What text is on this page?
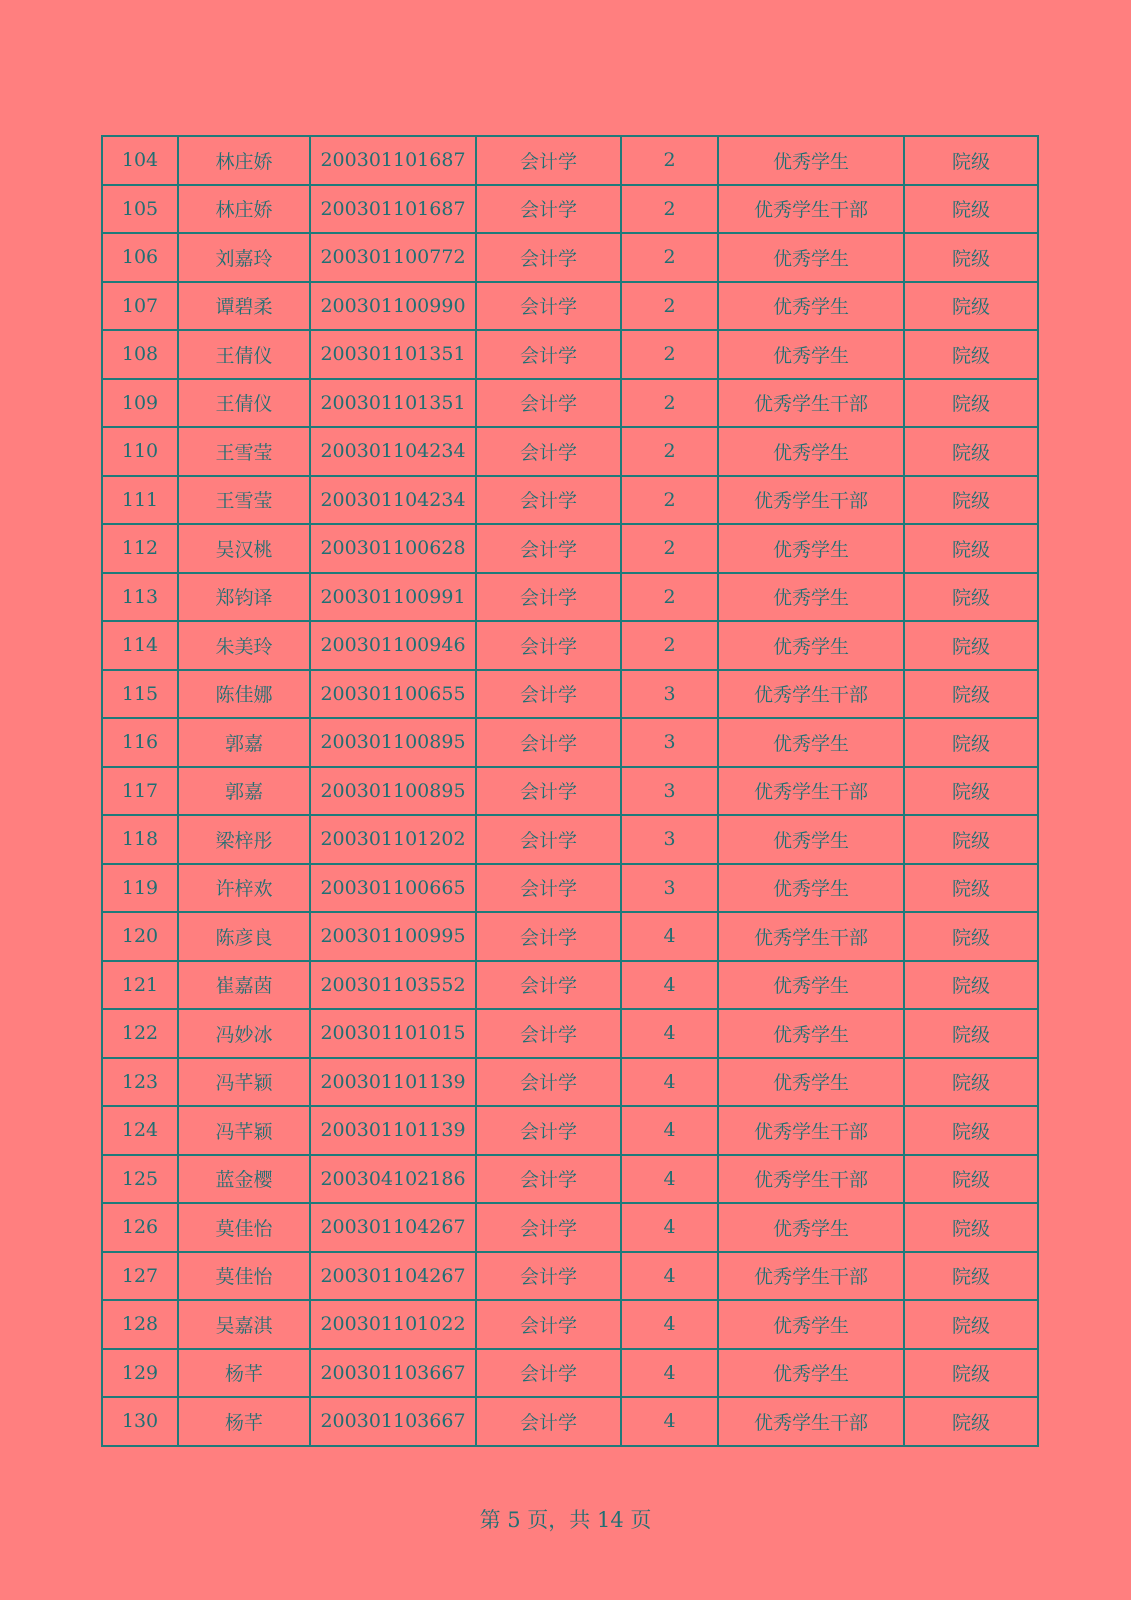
104	林庄娇	200301101687	会计学	2	优秀学生	院级
105	林庄娇	200301101687	会计学	2	优秀学生干部	院级
106	刘嘉玲	200301100772	会计学	2	优秀学生	院级
107	谭碧柔	200301100990	会计学	2	优秀学生	院级
108	王倩仪	200301101351	会计学	2	优秀学生	院级
109	王倩仪	200301101351	会计学	2	优秀学生干部	院级
110	王雪莹	200301104234	会计学	2	优秀学生	院级
111	王雪莹	200301104234	会计学	2	优秀学生干部	院级
112	吴汉桃	200301100628	会计学	2	优秀学生	院级
113	郑钧译	200301100991	会计学	2	优秀学生	院级
114	朱美玲	200301100946	会计学	2	优秀学生	院级
115	陈佳娜	200301100655	会计学	3	优秀学生干部	院级
116	郭嘉	200301100895	会计学	3	优秀学生	院级
117	郭嘉	200301100895	会计学	3	优秀学生干部	院级
118	梁梓彤	200301101202	会计学	3	优秀学生	院级
119	许梓欢	200301100665	会计学	3	优秀学生	院级
120	陈彦良	200301100995	会计学	4	优秀学生干部	院级
121	崔嘉茵	200301103552	会计学	4	优秀学生	院级
122	冯妙冰	200301101015	会计学	4	优秀学生	院级
123	冯芊颖	200301101139	会计学	4	优秀学生	院级
124	冯芊颖	200301101139	会计学	4	优秀学生干部	院级
125	蓝金樱	200304102186	会计学	4	优秀学生干部	院级
126	莫佳怡	200301104267	会计学	4	优秀学生	院级
127	莫佳怡	200301104267	会计学	4	优秀学生干部	院级
128	吴嘉淇	200301101022	会计学	4	优秀学生	院级
129	杨芊	200301103667	会计学	4	优秀学生	院级
130	杨芊	200301103667	会计学	4	优秀学生干部	院级
第 5 页，共 14 页
